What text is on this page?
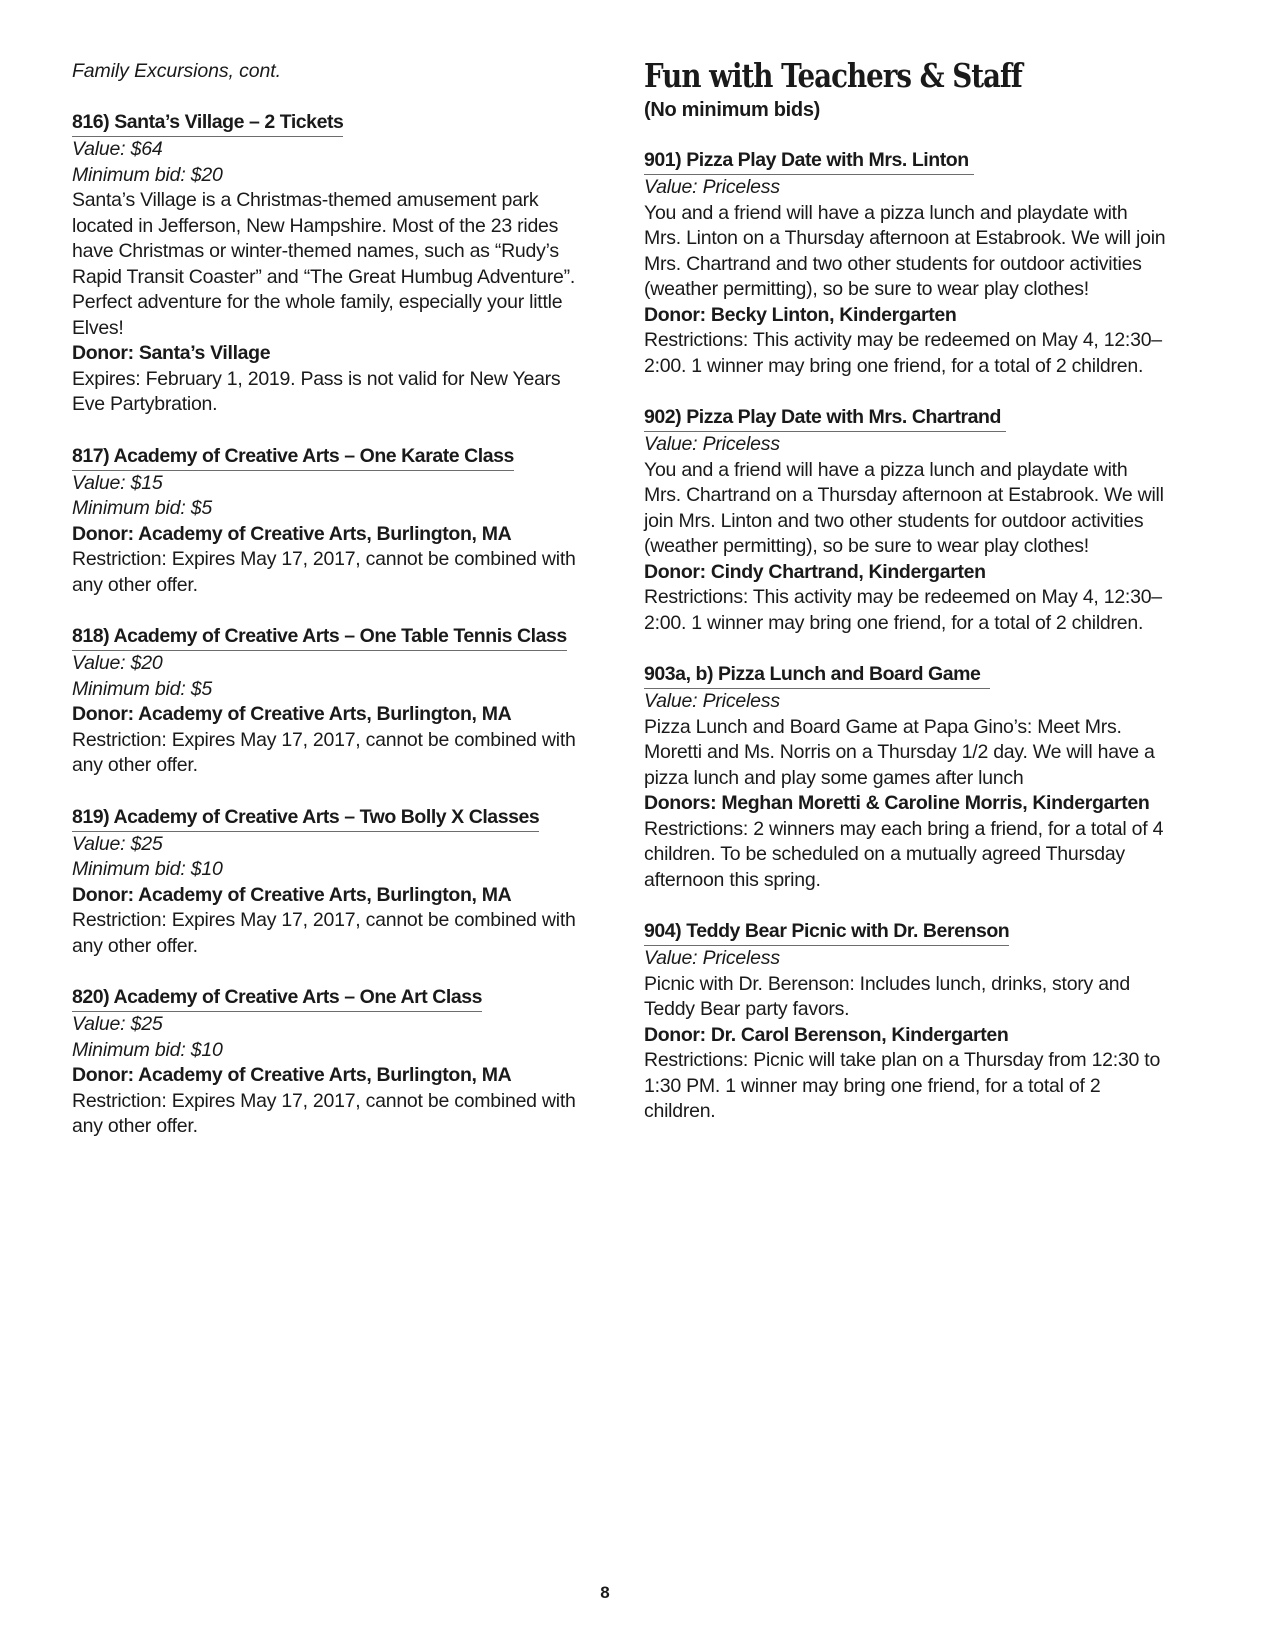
Family Excursions, cont.

816) Santa’s Village – 2 Tickets

Value: $64

Minimum bid: $20

Santa’s Village is a Christmas-themed amusement park located in Jefferson, New Hampshire. Most of the 23 rides have Christmas or winter-themed names, such as “Rudy’s Rapid Transit Coaster” and “The Great Humbug Adventure”. Perfect adventure for the whole family, especially your little Elves!

Donor: Santa’s Village

Expires: February 1, 2019. Pass is not valid for New Years Eve Partybration.

817) Academy of Creative Arts – One Karate Class

Value: $15

Minimum bid: $5

Donor: Academy of Creative Arts, Burlington, MA

Restriction: Expires May 17, 2017, cannot be combined with any other offer.

818) Academy of Creative Arts – One Table Tennis Class

Value: $20

Minimum bid: $5

Donor: Academy of Creative Arts, Burlington, MA

Restriction: Expires May 17, 2017, cannot be combined with any other offer.

819) Academy of Creative Arts – Two Bolly X Classes

Value: $25

Minimum bid: $10

Donor: Academy of Creative Arts, Burlington, MA

Restriction: Expires May 17, 2017, cannot be combined with any other offer.

820) Academy of Creative Arts – One Art Class

Value: $25

Minimum bid: $10

Donor: Academy of Creative Arts, Burlington, MA

Restriction: Expires May 17, 2017, cannot be combined with any other offer.

Fun with Teachers & Staff

(No minimum bids)

901) Pizza Play Date with Mrs. Linton

Value: Priceless

You and a friend will have a pizza lunch and playdate with Mrs. Linton on a Thursday afternoon at Estabrook. We will join Mrs. Chartrand and two other students for outdoor activities (weather permitting), so be sure to wear play clothes!

Donor: Becky Linton, Kindergarten

Restrictions: This activity may be redeemed on May 4, 12:30–2:00. 1 winner may bring one friend, for a total of 2 children.

902) Pizza Play Date with Mrs. Chartrand

Value: Priceless

You and a friend will have a pizza lunch and playdate with Mrs. Chartrand on a Thursday afternoon at Estabrook. We will join Mrs. Linton and two other students for outdoor activities (weather permitting), so be sure to wear play clothes!

Donor: Cindy Chartrand, Kindergarten

Restrictions: This activity may be redeemed on May 4, 12:30–2:00. 1 winner may bring one friend, for a total of 2 children.

903a, b) Pizza Lunch and Board Game

Value: Priceless

Pizza Lunch and Board Game at Papa Gino’s: Meet Mrs. Moretti and Ms. Norris on a Thursday 1/2 day. We will have a pizza lunch and play some games after lunch

Donors: Meghan Moretti & Caroline Morris, Kindergarten

Restrictions: 2 winners may each bring a friend, for a total of 4 children. To be scheduled on a mutually agreed Thursday afternoon this spring.

904) Teddy Bear Picnic with Dr. Berenson

Value: Priceless

Picnic with Dr. Berenson: Includes lunch, drinks, story and Teddy Bear party favors.

Donor: Dr. Carol Berenson, Kindergarten

Restrictions: Picnic will take plan on a Thursday from 12:30 to 1:30 PM. 1 winner may bring one friend, for a total of 2 children.

8
